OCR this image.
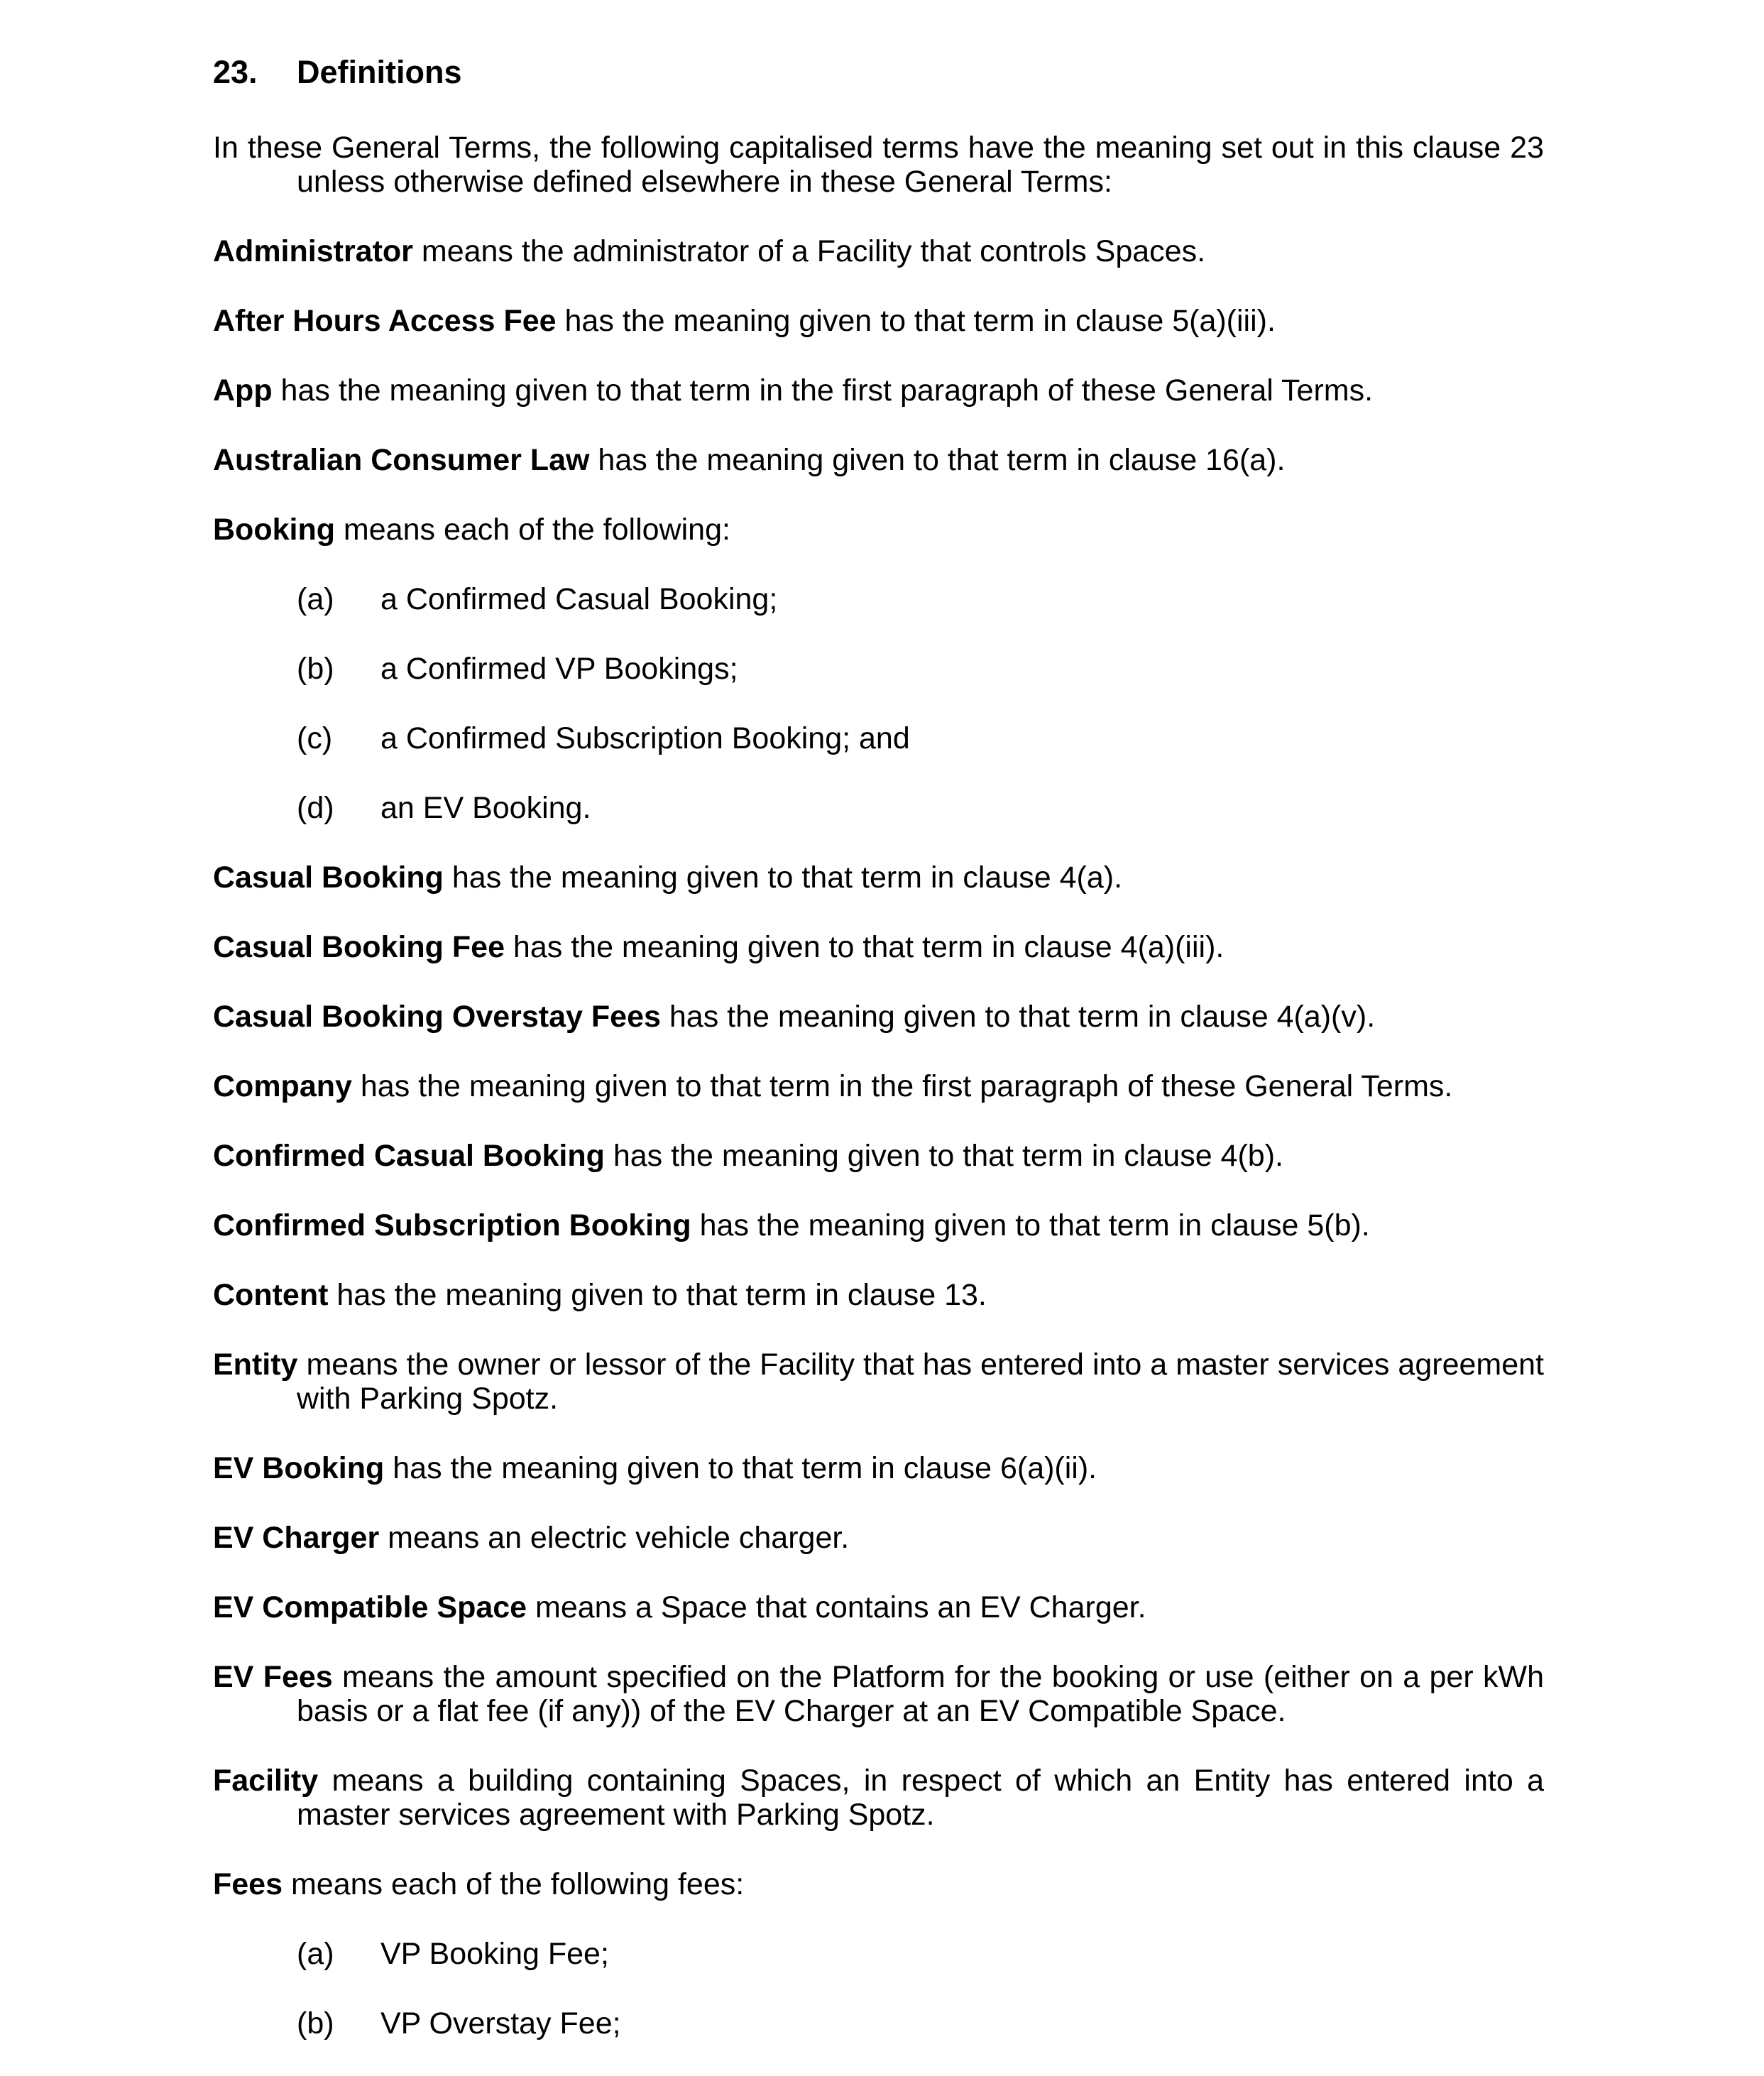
23.	Definitions

In these General Terms, the following capitalised terms have the meaning set out in this clause 23 unless otherwise defined elsewhere in these General Terms:

Administrator means the administrator of a Facility that controls Spaces.

After Hours Access Fee has the meaning given to that term in clause 5(a)(iii).

App has the meaning given to that term in the first paragraph of these General Terms.

Australian Consumer Law has the meaning given to that term in clause 16(a).

Booking means each of the following:

(a)	a Confirmed Casual Booking;
(b)	a Confirmed VP Bookings;
(c)	a Confirmed Subscription Booking; and
(d)	an EV Booking.

Casual Booking has the meaning given to that term in clause 4(a).

Casual Booking Fee has the meaning given to that term in clause 4(a)(iii).

Casual Booking Overstay Fees has the meaning given to that term in clause 4(a)(v).

Company has the meaning given to that term in the first paragraph of these General Terms.

Confirmed Casual Booking has the meaning given to that term in clause 4(b).

Confirmed Subscription Booking has the meaning given to that term in clause 5(b).

Content has the meaning given to that term in clause 13.

Entity means the owner or lessor of the Facility that has entered into a master services agreement with Parking Spotz.

EV Booking has the meaning given to that term in clause 6(a)(ii).

EV Charger means an electric vehicle charger.

EV Compatible Space means a Space that contains an EV Charger.

EV Fees means the amount specified on the Platform for the booking or use (either on a per kWh basis or a flat fee (if any)) of the EV Charger at an EV Compatible Space.

Facility means a building containing Spaces, in respect of which an Entity has entered into a master services agreement with Parking Spotz.

Fees means each of the following fees:

(a)	VP Booking Fee;
(b)	VP Overstay Fee;
